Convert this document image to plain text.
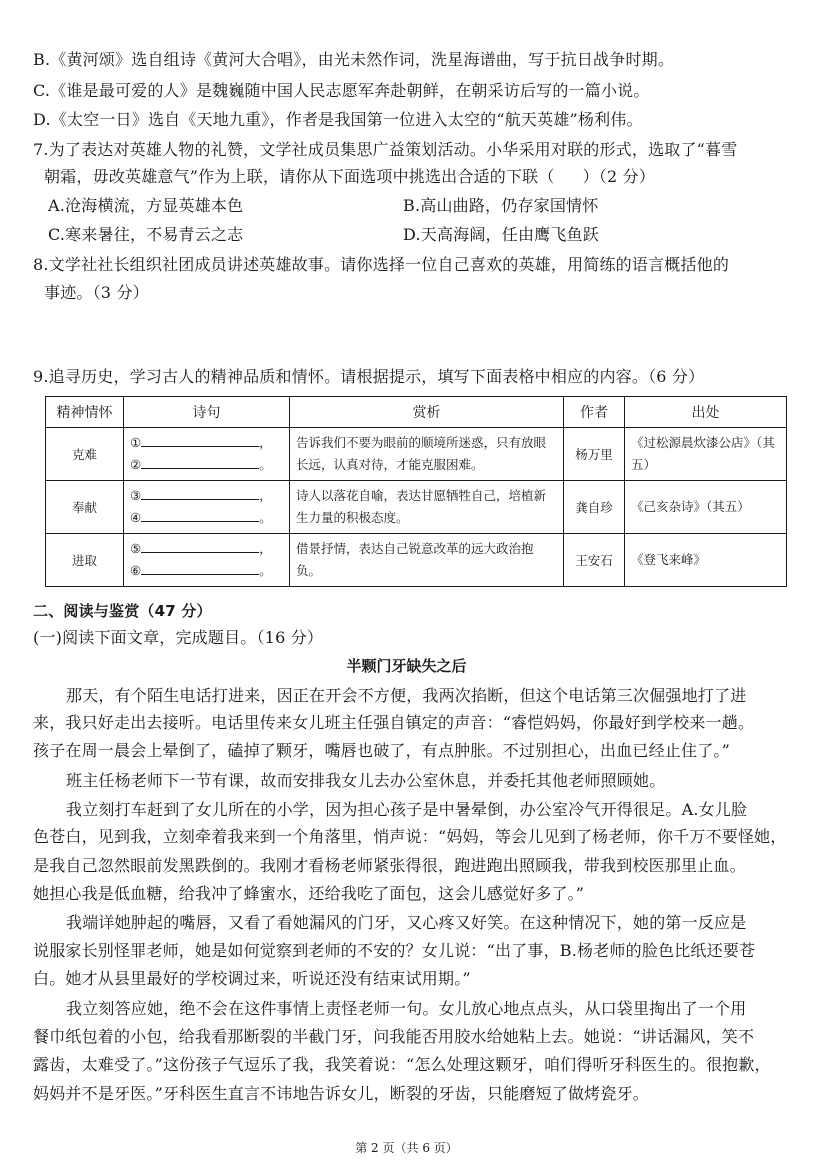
B.《黄河颂》选自组诗《黄河大合唱》，由光未然作词，洗星海谱曲，写于抗日战争时期。
C.《谁是最可爱的人》是魏巍随中国人民志愿军奔赴朝鲜，在朝采访后写的一篇小说。
D.《太空一日》选自《天地九重》，作者是我国第一位进入太空的“航天英雄”杨利伟。
7.为了表达对英雄人物的礼赞，文学社成员集思广益策划活动。小华采用对联的形式，选取了“暮雪
朝霜，毋改英雄意气”作为上联，请你从下面选项中挑选出合适的下联（ ）（2 分）
A.沧海横流，方显英雄本色	B.高山曲路，仍存家国情怀
C.寒来暑往，不易青云之志	D.天高海阔，任由鹰飞鱼跃
8.文学社社长组织社团成员讲述英雄故事。请你选择一位自己喜欢的英雄，用简练的语言概括他的
事迹。（3 分）
9.追寻历史，学习古人的精神品质和情怀。请根据提示，填写下面表格中相应的内容。（6 分）
精神情怀	诗句	赏析	作者	出处
克难	① ，
② 。	告诉我们不要为眼前的顺境所迷惑，只有放眼长远，认真对待，才能克服困难。	杨万里	《过松源晨炊漆公店》（其五）
奉献	③ ，
④ 。	诗人以落花自喻，表达甘愿牺牲自己，培植新生力量的积极态度。	龚自珍	《己亥杂诗》（其五）
进取	⑤ ，
⑥ 。	借景抒情，表达自己锐意改革的远大政治抱负。	王安石	《登飞来峰》
二、阅读与鉴赏（47 分）
(一)阅读下面文章，完成题目。（16 分）
半颗门牙缺失之后
那天，有个陌生电话打进来，因正在开会不方便，我两次掐断，但这个电话第三次倔强地打了进
来，我只好走出去接听。电话里传来女儿班主任强自镇定的声音：“睿恺妈妈，你最好到学校来一趟。
孩子在周一晨会上晕倒了，磕掉了颗牙，嘴唇也破了，有点肿胀。不过别担心，出血已经止住了。”
班主任杨老师下一节有课，故而安排我女儿去办公室休息，并委托其他老师照顾她。
我立刻打车赶到了女儿所在的小学，因为担心孩子是中暑晕倒，办公室冷气开得很足。A.女儿脸
色苍白，见到我，立刻牵着我来到一个角落里，悄声说：“妈妈，等会儿见到了杨老师，你千万不要怪她，
是我自己忽然眼前发黑跌倒的。我刚才看杨老师紧张得很，跑进跑出照顾我，带我到校医那里止血。
她担心我是低血糖，给我冲了蜂蜜水，还给我吃了面包，这会儿感觉好多了。”
我端详她肿起的嘴唇，又看了看她漏风的门牙，又心疼又好笑。在这种情况下，她的第一反应是
说服家长别怪罪老师，她是如何觉察到老师的不安的？女儿说：“出了事，B.杨老师的脸色比纸还要苍
白。她才从县里最好的学校调过来，听说还没有结束试用期。”
我立刻答应她，绝不会在这件事情上责怪老师一句。女儿放心地点点头，从口袋里掏出了一个用
餐巾纸包着的小包，给我看那断裂的半截门牙，问我能否用胶水给她粘上去。她说：“讲话漏风，笑不
露齿，太难受了。”这份孩子气逗乐了我，我笑着说：“怎么处理这颗牙，咱们得听牙科医生的。很抱歉，
妈妈并不是牙医。”牙科医生直言不讳地告诉女儿，断裂的牙齿，只能磨短了做烤瓷牙。
第 2 页（共 6 页）
